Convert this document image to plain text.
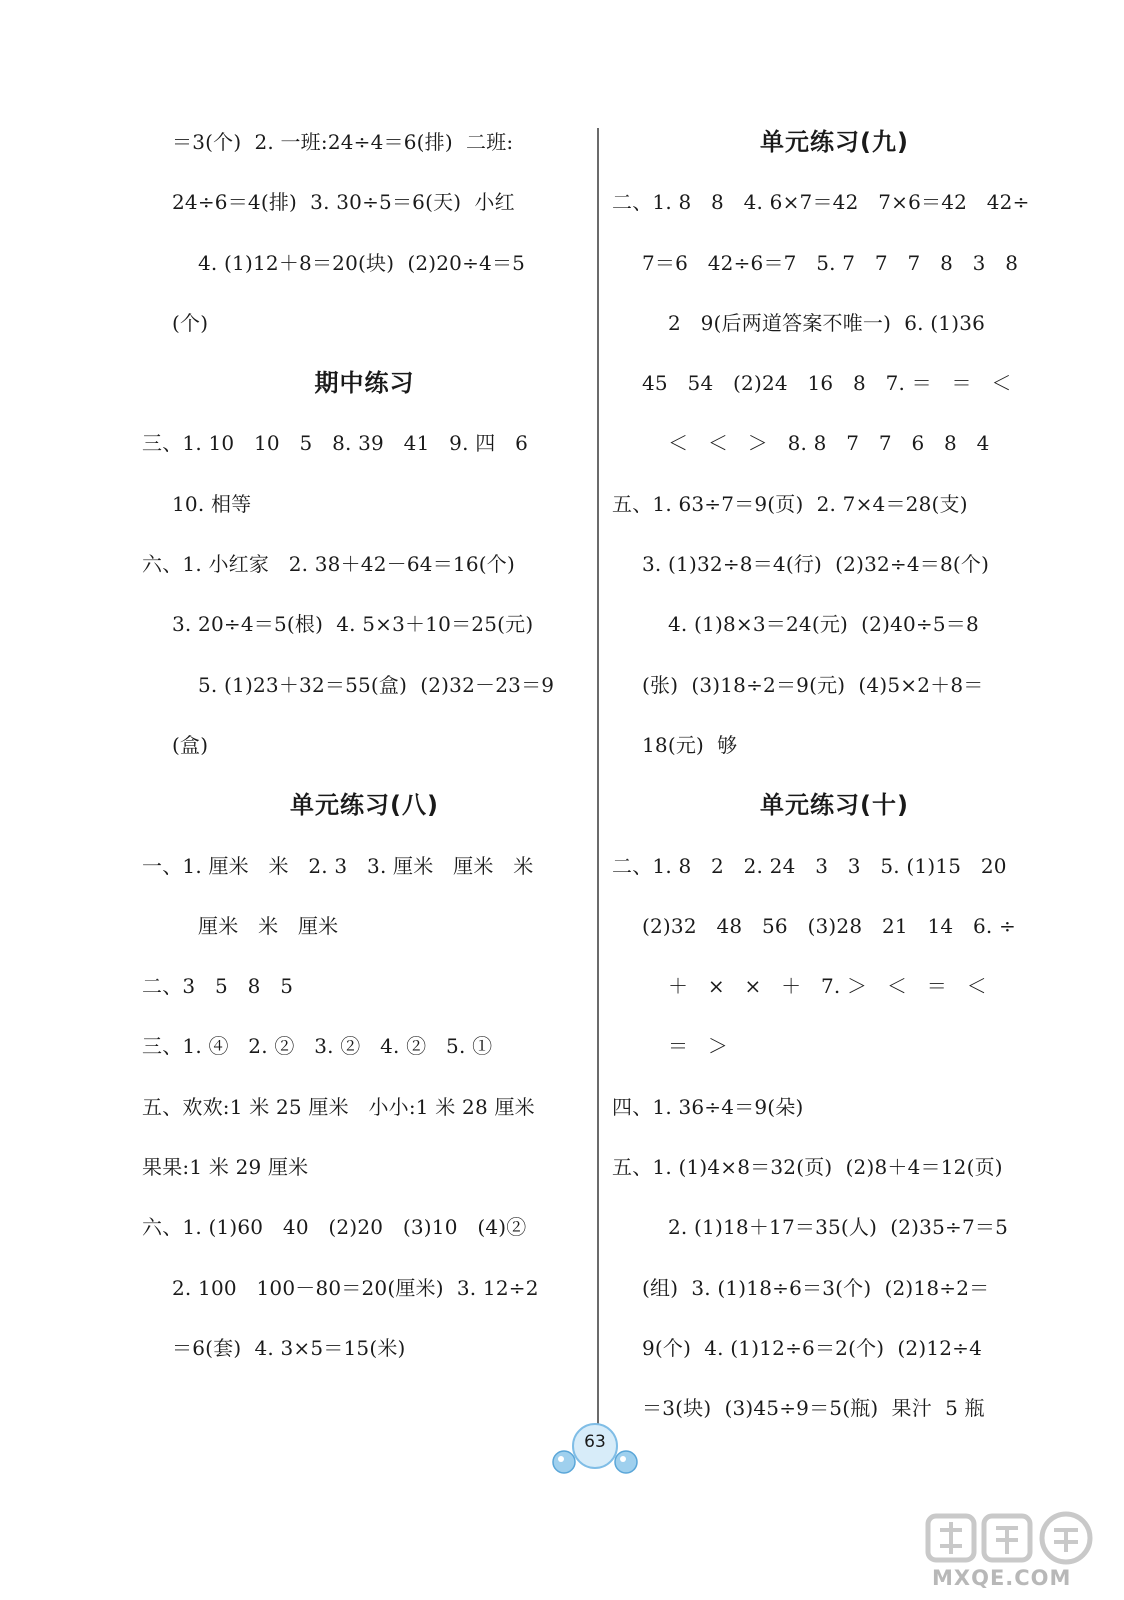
＝3(个)  2. 一班:24÷4＝6(排)  二班:
24÷6＝4(排)  3. 30÷5＝6(天)  小红
4. (1)12＋8＝20(块)  (2)20÷4＝5
(个)
期中练习
三、1. 10   10   5   8. 39   41   9. 四   6
10. 相等
六、1. 小红家   2. 38＋42－64＝16(个)
3. 20÷4＝5(根)  4. 5×3＋10＝25(元)
5. (1)23＋32＝55(盒)  (2)32－23＝9
(盒)
单元练习(八)
一、1. 厘米   米   2. 3   3. 厘米   厘米   米
厘米   米   厘米
二、3   5   8   5
三、1. ④   2. ②   3. ②   4. ②   5. ①
五、欢欢:1 米 25 厘米   小小:1 米 28 厘米
果果:1 米 29 厘米
六、1. (1)60   40   (2)20   (3)10   (4)②
2. 100   100－80＝20(厘米)  3. 12÷2
＝6(套)  4. 3×5＝15(米)
单元练习(九)
二、1. 8   8   4. 6×7＝42   7×6＝42   42÷
7＝6   42÷6＝7   5. 7   7   7   8   3   8
2   9(后两道答案不唯一)  6. (1)36
45   54   (2)24   16   8   7. ＝   ＝   ＜
＜   ＜   ＞   8. 8   7   7   6   8   4
五、1. 63÷7＝9(页)  2. 7×4＝28(支)
3. (1)32÷8＝4(行)  (2)32÷4＝8(个)
4. (1)8×3＝24(元)  (2)40÷5＝8
(张)  (3)18÷2＝9(元)  (4)5×2＋8＝
18(元)  够
单元练习(十)
二、1. 8   2   2. 24   3   3   5. (1)15   20
(2)32   48   56   (3)28   21   14   6. ÷
＋   ×   ×   ＋   7. ＞   ＜   ＝   ＜
＝   ＞
四、1. 36÷4＝9(朵)
五、1. (1)4×8＝32(页)  (2)8＋4＝12(页)
2. (1)18＋17＝35(人)  (2)35÷7＝5
(组)  3. (1)18÷6＝3(个)  (2)18÷2＝
9(个)  4. (1)12÷6＝2(个)  (2)12÷4
＝3(块)  (3)45÷9＝5(瓶)  果汁  5 瓶
63
MXQE.COM
